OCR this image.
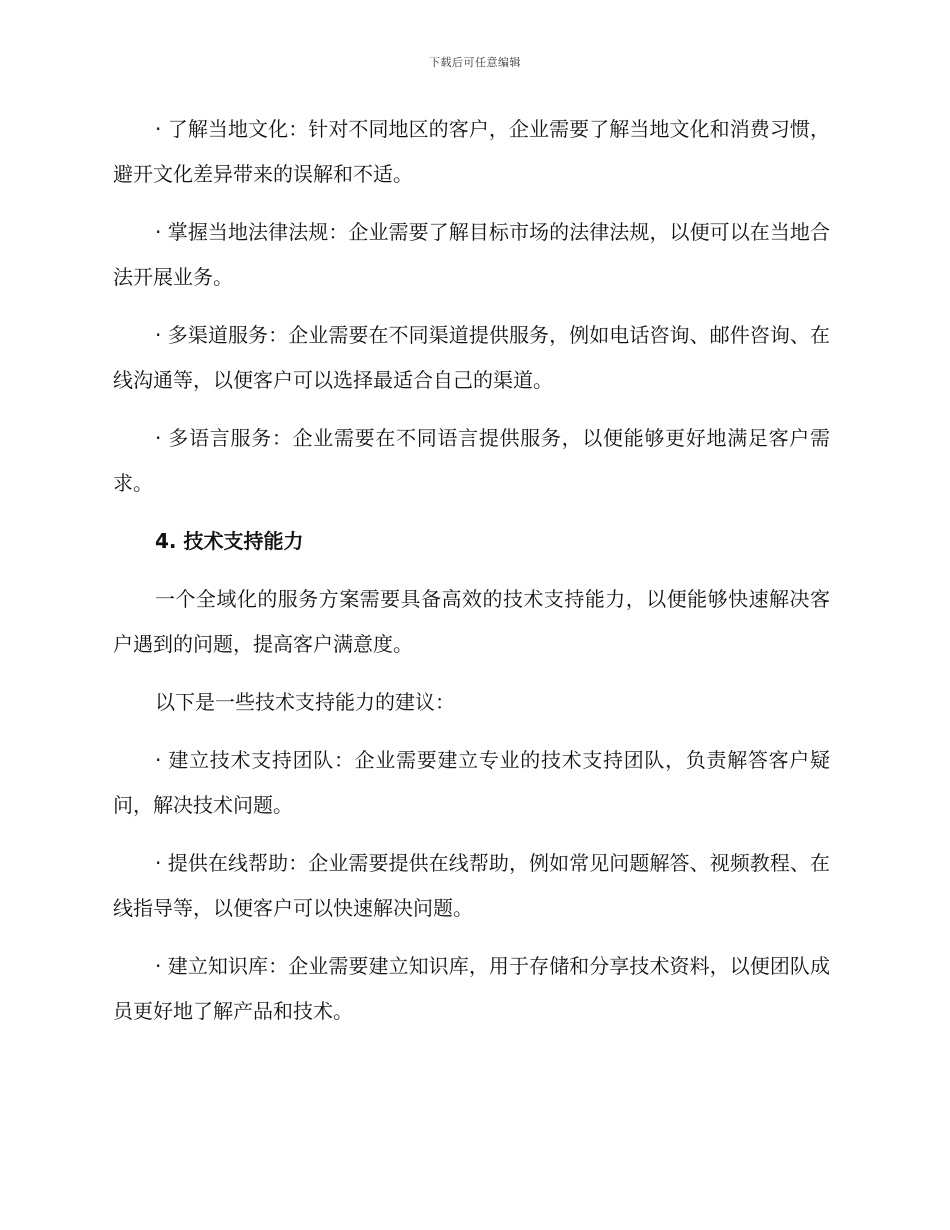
下载后可任意编辑

· 了解当地文化：针对不同地区的客户，企业需要了解当地文化和消费习惯，避开文化差异带来的误解和不适。

· 掌握当地法律法规：企业需要了解目标市场的法律法规，以便可以在当地合法开展业务。

· 多渠道服务：企业需要在不同渠道提供服务，例如电话咨询、邮件咨询、在线沟通等，以便客户可以选择最适合自己的渠道。

· 多语言服务：企业需要在不同语言提供服务，以便能够更好地满足客户需求。

4. 技术支持能力

一个全域化的服务方案需要具备高效的技术支持能力，以便能够快速解决客户遇到的问题，提高客户满意度。

以下是一些技术支持能力的建议：

· 建立技术支持团队：企业需要建立专业的技术支持团队，负责解答客户疑问，解决技术问题。

· 提供在线帮助：企业需要提供在线帮助，例如常见问题解答、视频教程、在线指导等，以便客户可以快速解决问题。

· 建立知识库：企业需要建立知识库，用于存储和分享技术资料，以便团队成员更好地了解产品和技术。
